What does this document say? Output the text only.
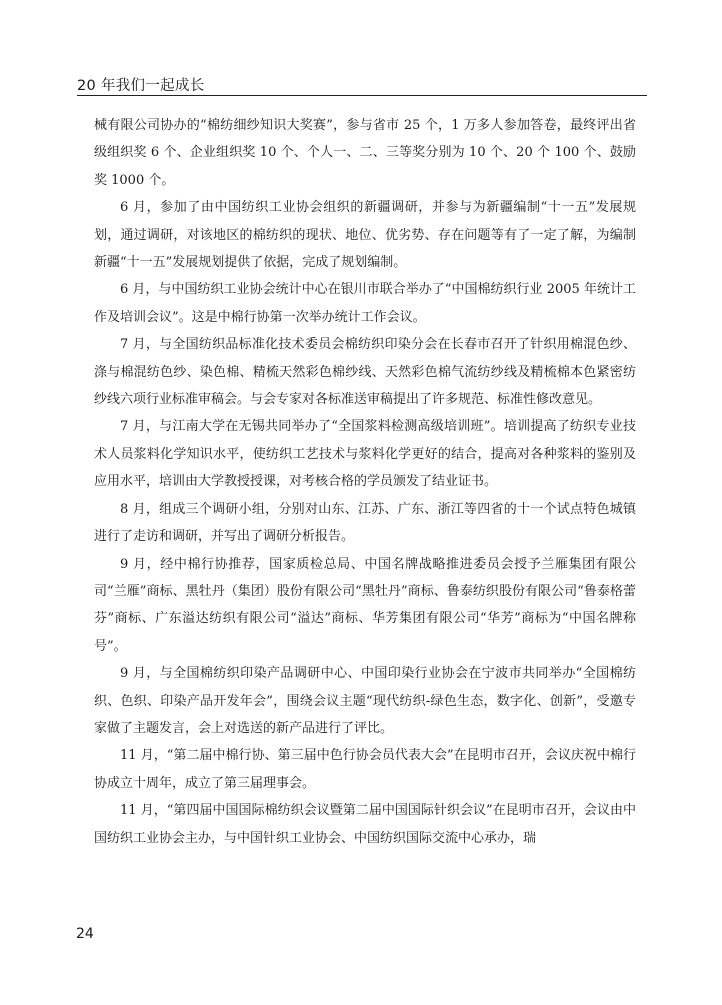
20 年我们一起成长

械有限公司协办的“棉纺细纱知识大奖赛”，参与省市 25 个，1 万多人参加答卷，最终评出省级组织奖 6 个、企业组织奖 10 个、个人一、二、三等奖分别为 10 个、20 个 100 个、鼓励奖 1000 个。

6 月，参加了由中国纺织工业协会组织的新疆调研，并参与为新疆编制“十一五”发展规划，通过调研，对该地区的棉纺织的现状、地位、优劣势、存在问题等有了一定了解，为编制新疆“十一五”发展规划提供了依据，完成了规划编制。

6 月，与中国纺织工业协会统计中心在银川市联合举办了“中国棉纺织行业 2005 年统计工作及培训会议”。这是中棉行协第一次举办统计工作会议。

7 月，与全国纺织品标准化技术委员会棉纺织印染分会在长春市召开了针织用棉混色纱、涤与棉混纺色纱、染色棉、精梳天然彩色棉纱线、天然彩色棉气流纺纱线及精梳棉本色紧密纺纱线六项行业标准审稿会。与会专家对各标准送审稿提出了许多规范、标准性修改意见。

7 月，与江南大学在无锡共同举办了“全国浆料检测高级培训班”。培训提高了纺织专业技术人员浆料化学知识水平，使纺织工艺技术与浆料化学更好的结合，提高对各种浆料的鉴别及应用水平，培训由大学教授授课，对考核合格的学员颁发了结业证书。

8 月，组成三个调研小组，分别对山东、江苏、广东、浙江等四省的十一个试点特色城镇进行了走访和调研，并写出了调研分析报告。

9 月，经中棉行协推荐，国家质检总局、中国名牌战略推进委员会授予兰雁集团有限公司“兰雁”商标、黑牡丹（集团）股份有限公司“黑牡丹”商标、鲁泰纺织股份有限公司“鲁泰格蕾芬”商标、广东溢达纺织有限公司“溢达”商标、华芳集团有限公司“华芳”商标为“中国名牌称号”。

9 月，与全国棉纺织印染产品调研中心、中国印染行业协会在宁波市共同举办“全国棉纺织、色织、印染产品开发年会”，围绕会议主题“现代纺织-绿色生态，数字化、创新”，受邀专家做了主题发言，会上对选送的新产品进行了评比。

11 月，“第二届中棉行协、第三届中色行协会员代表大会”在昆明市召开，会议庆祝中棉行协成立十周年，成立了第三届理事会。

11 月，“第四届中国国际棉纺织会议暨第二届中国国际针织会议”在昆明市召开，会议由中国纺织工业协会主办，与中国针织工业协会、中国纺织国际交流中心承办，瑞

24
